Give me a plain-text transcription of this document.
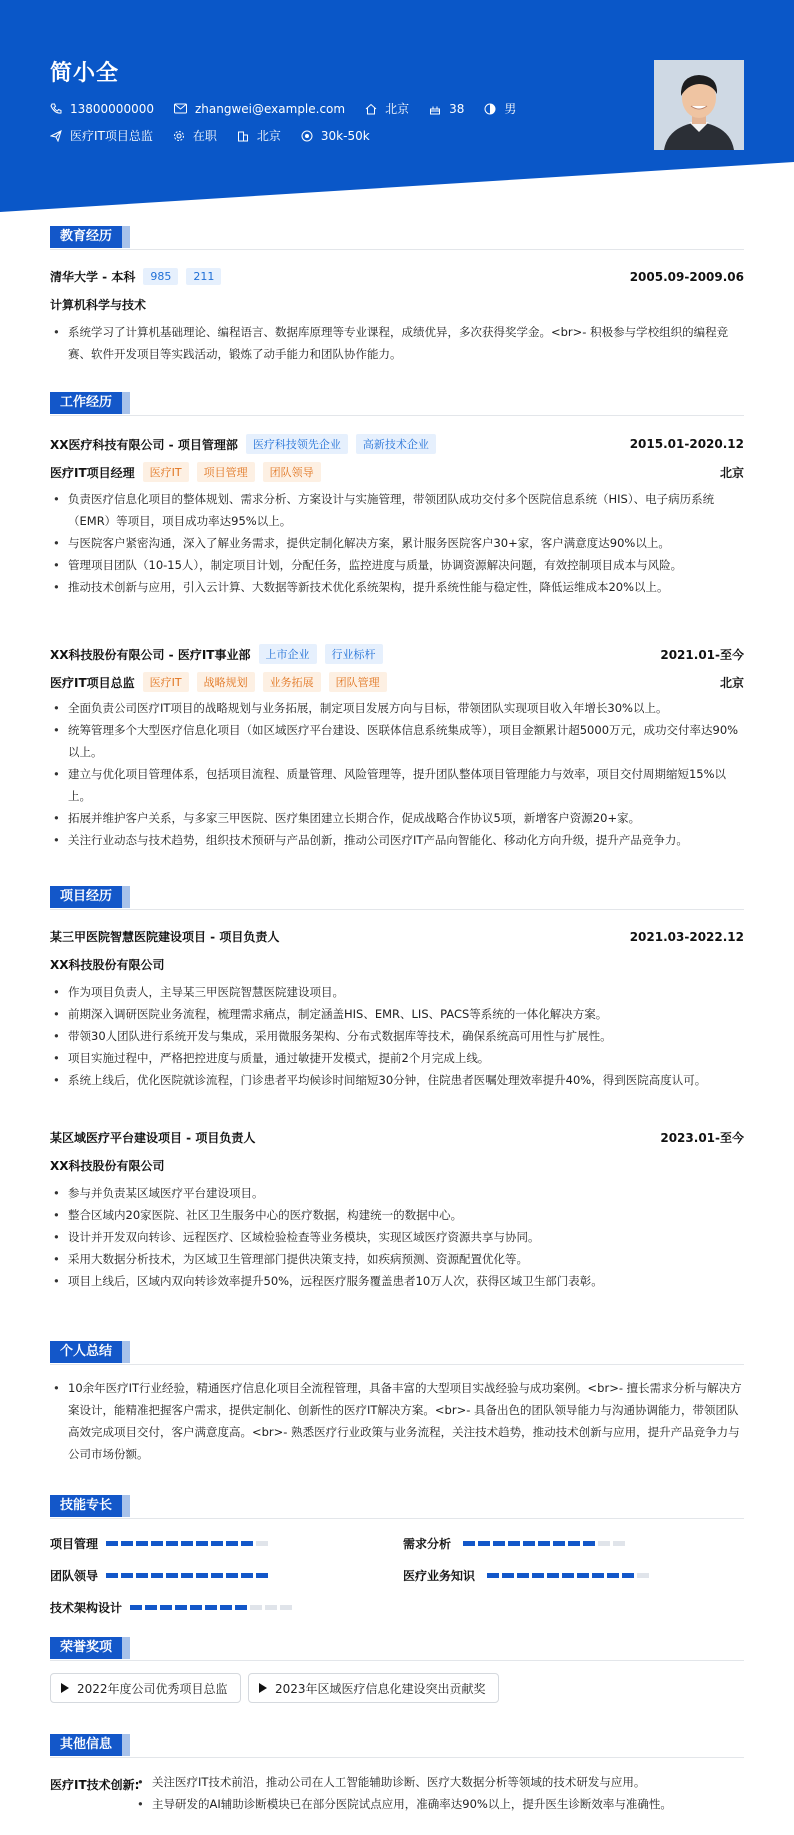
简小全
13800000000	zhangwei@example.com	北京	38	男
医疗IT项目总监	在职	北京	30k-50k
教育经历
清华大学 - 本科	985	211	2005.09-2009.06
计算机科学与技术
• 系统学习了计算机基础理论、编程语言、数据库原理等专业课程，成绩优异，多次获得奖学金。<br>- 积极参与学校组织的编程竞赛、软件开发项目等实践活动，锻炼了动手能力和团队协作能力。
工作经历
XX医疗科技有限公司 - 项目管理部	医疗科技领先企业	高新技术企业	2015.01-2020.12
医疗IT项目经理	医疗IT	项目管理	团队领导	北京
• 负责医疗信息化项目的整体规划、需求分析、方案设计与实施管理，带领团队成功交付多个医院信息系统（HIS）、电子病历系统（EMR）等项目，项目成功率达95%以上。
• 与医院客户紧密沟通，深入了解业务需求，提供定制化解决方案，累计服务医院客户30+家，客户满意度达90%以上。
• 管理项目团队（10-15人），制定项目计划，分配任务，监控进度与质量，协调资源解决问题，有效控制项目成本与风险。
• 推动技术创新与应用，引入云计算、大数据等新技术优化系统架构，提升系统性能与稳定性，降低运维成本20%以上。
XX科技股份有限公司 - 医疗IT事业部	上市企业	行业标杆	2021.01-至今
医疗IT项目总监	医疗IT	战略规划	业务拓展	团队管理	北京
• 全面负责公司医疗IT项目的战略规划与业务拓展，制定项目发展方向与目标，带领团队实现项目收入年增长30%以上。
• 统筹管理多个大型医疗信息化项目（如区域医疗平台建设、医联体信息系统集成等），项目金额累计超5000万元，成功交付率达90%以上。
• 建立与优化项目管理体系，包括项目流程、质量管理、风险管理等，提升团队整体项目管理能力与效率，项目交付周期缩短15%以上。
• 拓展并维护客户关系，与多家三甲医院、医疗集团建立长期合作，促成战略合作协议5项，新增客户资源20+家。
• 关注行业动态与技术趋势，组织技术预研与产品创新，推动公司医疗IT产品向智能化、移动化方向升级，提升产品竞争力。
项目经历
某三甲医院智慧医院建设项目 - 项目负责人	2021.03-2022.12
XX科技股份有限公司
• 作为项目负责人，主导某三甲医院智慧医院建设项目。
• 前期深入调研医院业务流程，梳理需求痛点，制定涵盖HIS、EMR、LIS、PACS等系统的一体化解决方案。
• 带领30人团队进行系统开发与集成，采用微服务架构、分布式数据库等技术，确保系统高可用性与扩展性。
• 项目实施过程中，严格把控进度与质量，通过敏捷开发模式，提前2个月完成上线。
• 系统上线后，优化医院就诊流程，门诊患者平均候诊时间缩短30分钟，住院患者医嘱处理效率提升40%，得到医院高度认可。
某区域医疗平台建设项目 - 项目负责人	2023.01-至今
XX科技股份有限公司
• 参与并负责某区域医疗平台建设项目。
• 整合区域内20家医院、社区卫生服务中心的医疗数据，构建统一的数据中心。
• 设计并开发双向转诊、远程医疗、区域检验检查等业务模块，实现区域医疗资源共享与协同。
• 采用大数据分析技术，为区域卫生管理部门提供决策支持，如疾病预测、资源配置优化等。
• 项目上线后，区域内双向转诊效率提升50%，远程医疗服务覆盖患者10万人次，获得区域卫生部门表彰。
个人总结
• 10余年医疗IT行业经验，精通医疗信息化项目全流程管理，具备丰富的大型项目实战经验与成功案例。<br>- 擅长需求分析与解决方案设计，能精准把握客户需求，提供定制化、创新性的医疗IT解决方案。<br>- 具备出色的团队领导能力与沟通协调能力，带领团队高效完成项目交付，客户满意度高。<br>- 熟悉医疗行业政策与业务流程，关注技术趋势，推动技术创新与应用，提升产品竞争力与公司市场份额。
技能专长
项目管理	需求分析
团队领导	医疗业务知识
技术架构设计
荣誉奖项
2022年度公司优秀项目总监	2023年区域医疗信息化建设突出贡献奖
其他信息
医疗IT技术创新:
•	关注医疗IT技术前沿，推动公司在人工智能辅助诊断、医疗大数据分析等领域的技术研发与应用。
• 主导研发的AI辅助诊断模块已在部分医院试点应用，准确率达90%以上，提升医生诊断效率与准确性。
